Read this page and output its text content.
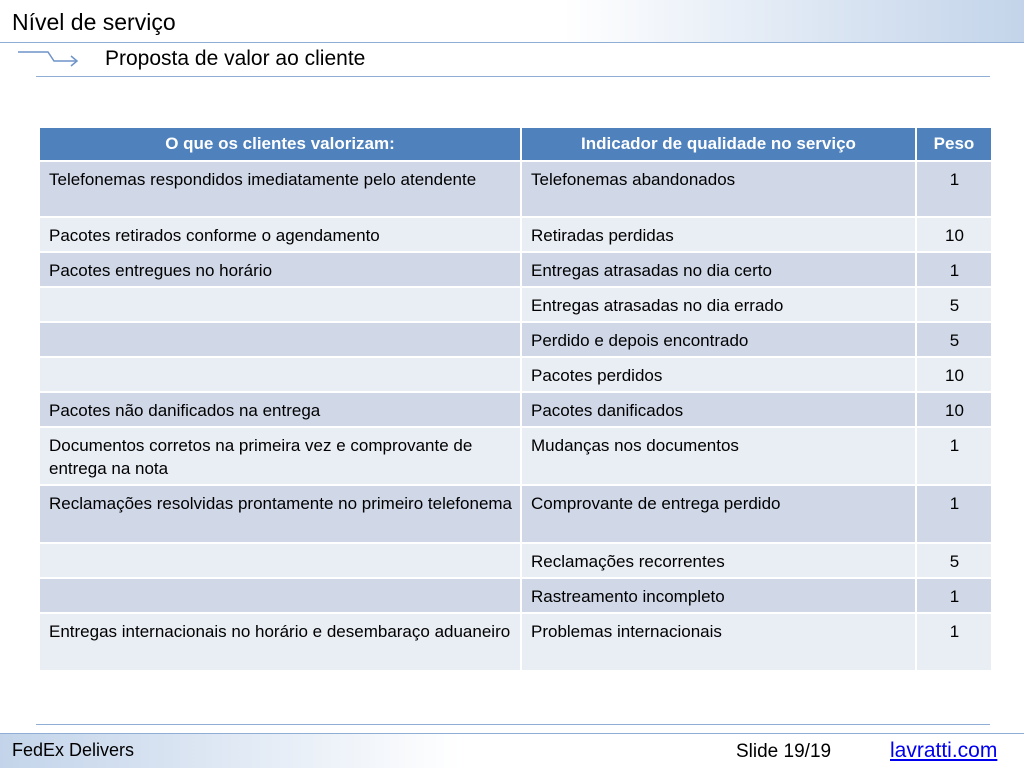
Nível de serviço
Proposta de valor ao cliente
O que os clientes valorizam:	Indicador de qualidade no serviço	Peso
Telefonemas respondidos imediatamente pelo atendente	Telefonemas abandonados	1
Pacotes retirados conforme o agendamento	Retiradas perdidas	10
Pacotes entregues no horário	Entregas atrasadas no dia certo	1
	Entregas atrasadas no dia errado	5
	Perdido e depois encontrado	5
	Pacotes perdidos	10
Pacotes não danificados na entrega	Pacotes danificados	10
Documentos corretos na primeira vez e comprovante de entrega na nota	Mudanças nos documentos	1
Reclamações resolvidas prontamente no primeiro telefonema	Comprovante de entrega perdido	1
	Reclamações recorrentes	5
	Rastreamento incompleto	1
Entregas internacionais no horário e desembaraço aduaneiro	Problemas internacionais	1
FedEx Delivers	Slide 19/19	lavratti.com
